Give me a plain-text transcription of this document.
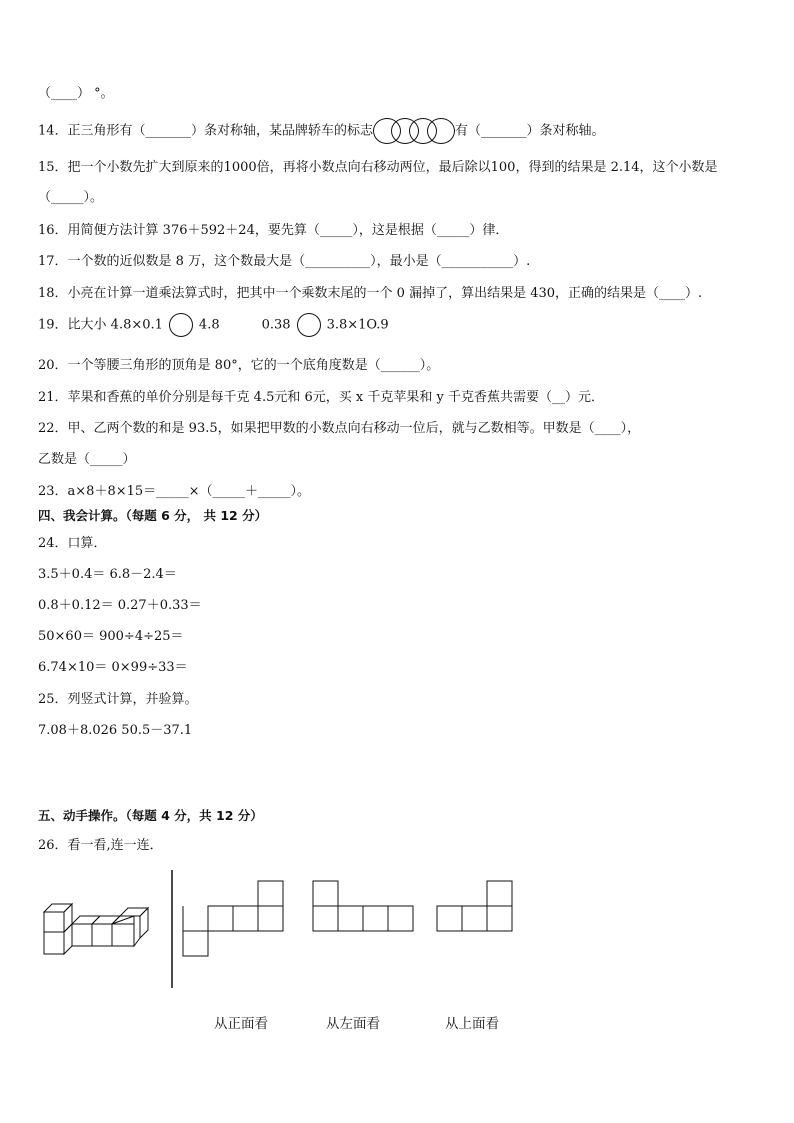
（____） °。
14．正三角形有（_______）条对称轴，某品牌轿车的标志	有（_______）条对称轴。
15．把一个小数先扩大到原来的1000倍，再将小数点向右移动两位，最后除以100，得到的结果是 2.14，这个小数是
（_____）。
16．用简便方法计算 376＋592＋24，要先算（_____），这是根据（_____）律．
17．一个数的近似数是 8 万，这个数最大是（__________），最小是（___________）.
18．小亮在计算一道乘法算式时，把其中一个乘数末尾的一个 0 漏掉了，算出结果是 430，正确的结果是（____）.
19．比大小 4.8×0.1	4.8	0.38	3.8×1O.9
20．一个等腰三角形的顶角是 80°，它的一个底角度数是（______）。
21．苹果和香蕉的单价分别是每千克 4.5元和 6元，买 x 千克苹果和 y 千克香蕉共需要（__）元．
22．甲、乙两个数的和是 93.5，如果把甲数的小数点向右移动一位后，就与乙数相等。甲数是（____），
乙数是（_____）
23．a×8＋8×15＝_____×（_____＋_____）。
四、我会计算。（每题 6 分， 共 12 分）
24．口算．
3.5＋0.4＝ 6.8－2.4＝
0.8＋0.12＝ 0.27＋0.33＝
50×60＝ 900÷4÷25＝
6.74×10＝ 0×99÷33＝
25．列竖式计算，并验算。
7.08＋8.026 50.5－37.1
五、动手操作。（每题 4 分，共 12 分）
26．看一看,连一连．
从正面看	从左面看	从上面看
